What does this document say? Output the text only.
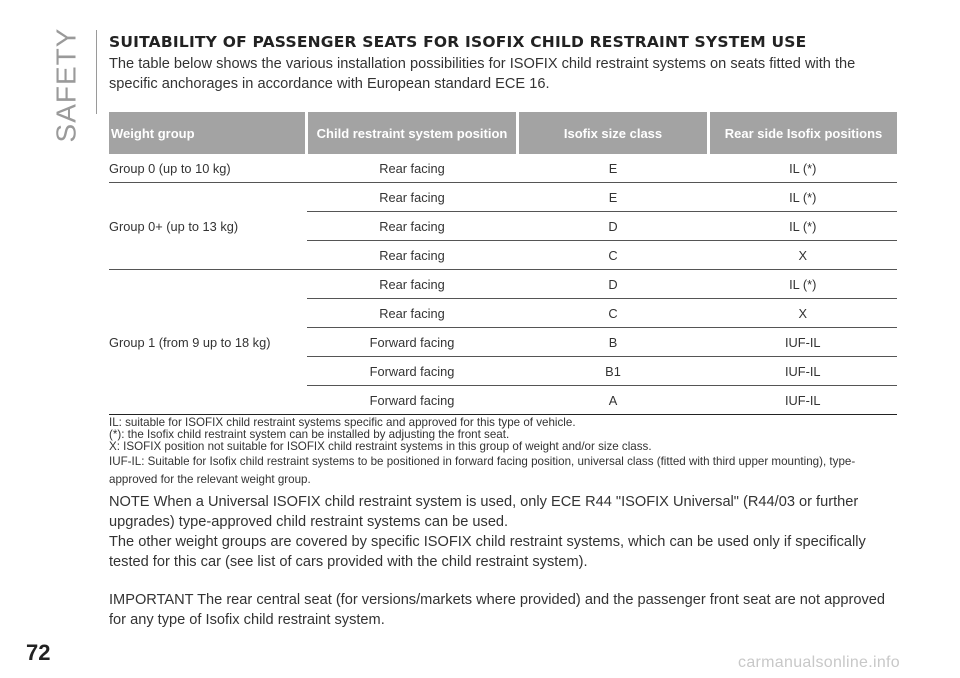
SAFETY SUITABILITY OF PASSENGER SEATS FOR ISOFIX CHILD RESTRAINT SYSTEM USE

The table below shows the various installation possibilities for ISOFIX child restraint systems on seats fitted with the specific anchorages in accordance with European standard ECE 16.

Weight group	Child restraint system position	Isofix size class	Rear side Isofix positions
Group 0 (up to 10 kg)	Rear facing	E	IL (*)
Group 0+ (up to 13 kg)	Rear facing	E	IL (*)
	Rear facing	D	IL (*)
	Rear facing	C	X
Group 1 (from 9 up to 18 kg)	Rear facing	D	IL (*)
	Rear facing	C	X
	Forward facing	B	IUF-IL
	Forward facing	B1	IUF-IL
	Forward facing	A	IUF-IL

IL: suitable for ISOFIX child restraint systems specific and approved for this type of vehicle.

(*): the Isofix child restraint system can be installed by adjusting the front seat.

X: ISOFIX position not suitable for ISOFIX child restraint systems in this group of weight and/or size class.

IUF-IL: Suitable for Isofix child restraint systems to be positioned in forward facing position, universal class (fitted with third upper mounting), type-approved for the relevant weight group.

NOTE When a Universal ISOFIX child restraint system is used, only ECE R44 "ISOFIX Universal" (R44/03 or further upgrades) type-approved child restraint systems can be used.

The other weight groups are covered by specific ISOFIX child restraint systems, which can be used only if specifically tested for this car (see list of cars provided with the child restraint system).

IMPORTANT The rear central seat (for versions/markets where provided) and the passenger front seat are not approved for any type of Isofix child restraint system.

72	carmanualsonline.info
